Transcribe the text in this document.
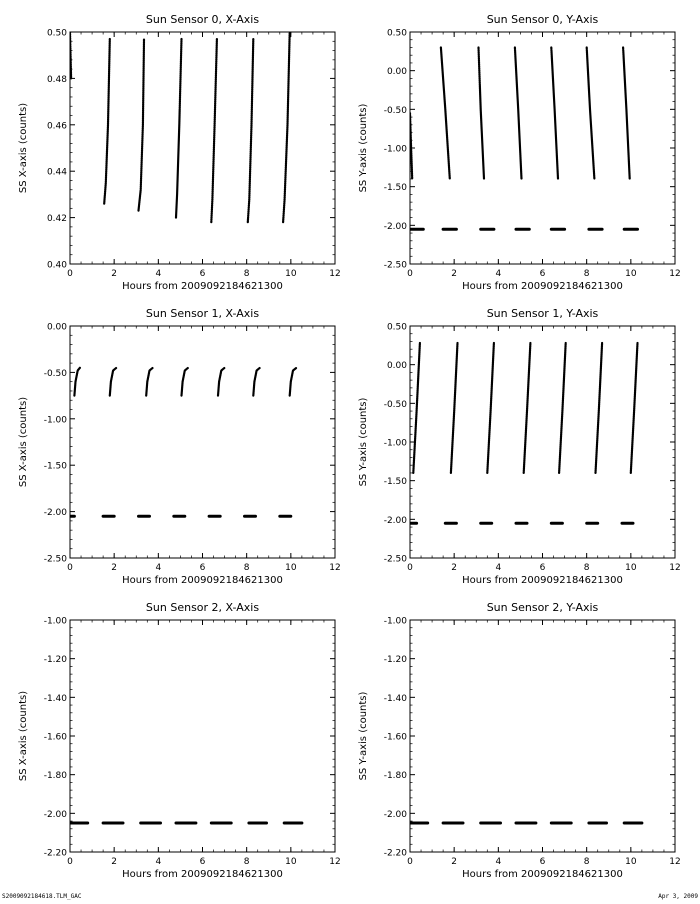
Sun Sensor 0, X-Axis
0	2	4	6	8	10	12
0.40
0.42
0.44
0.46
0.48
0.50
Hours from 2009092184621300
SS X-axis (counts)
Sun Sensor 0, Y-Axis
0	2	4	6	8	10	12
-2.50
-2.00
-1.50
-1.00
-0.50
0.00
0.50
Hours from 2009092184621300
SS Y-axis (counts)
Sun Sensor 1, X-Axis
0	2	4	6	8	10	12
-2.50
-2.00
-1.50
-1.00
-0.50
0.00
Hours from 2009092184621300
SS X-axis (counts)
Sun Sensor 1, Y-Axis
0	2	4	6	8	10	12
-2.50
-2.00
-1.50
-1.00
-0.50
0.00
0.50
Hours from 2009092184621300
SS Y-axis (counts)
Sun Sensor 2, X-Axis
0	2	4	6	8	10	12
-2.20
-2.00
-1.80
-1.60
-1.40
-1.20
-1.00
Hours from 2009092184621300
SS X-axis (counts)
Sun Sensor 2, Y-Axis
0	2	4	6	8	10	12
-2.20
-2.00
-1.80
-1.60
-1.40
-1.20
-1.00
Hours from 2009092184621300
SS Y-axis (counts)
S2009092184618.TLM_GAC	Apr 3, 2009
